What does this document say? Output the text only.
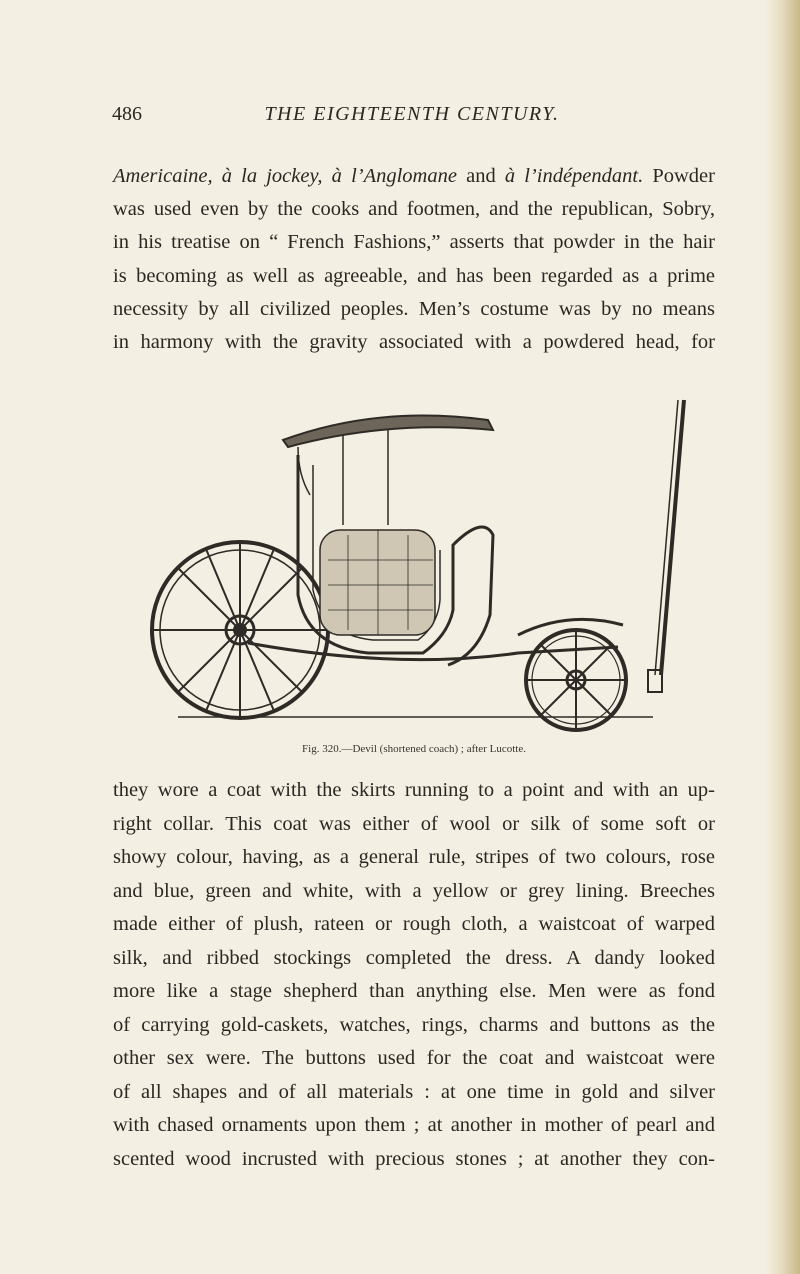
486	THE EIGHTEENTH CENTURY.
Americaine, à la jockey, à l’Anglomane and à l’indépendant. Powder
was used even by the cooks and footmen, and the republican, Sobry,
in his treatise on “ French Fashions,” asserts that powder in the hair
is becoming as well as agreeable, and has been regarded as a prime
necessity by all civilized peoples. Men’s costume was by no means
in harmony with the gravity associated with a powdered head, for
Fig. 320.—Devil (shortened coach) ; after Lucotte.
they wore a coat with the skirts running to a point and with an up-
right collar. This coat was either of wool or silk of some soft or
showy colour, having, as a general rule, stripes of two colours, rose
and blue, green and white, with a yellow or grey lining. Breeches
made either of plush, rateen or rough cloth, a waistcoat of warped
silk, and ribbed stockings completed the dress. A dandy looked
more like a stage shepherd than anything else. Men were as fond
of carrying gold-caskets, watches, rings, charms and buttons as the
other sex were. The buttons used for the coat and waistcoat were
of all shapes and of all materials : at one time in gold and silver
with chased ornaments upon them ; at another in mother of pearl and
scented wood incrusted with precious stones ; at another they con-
